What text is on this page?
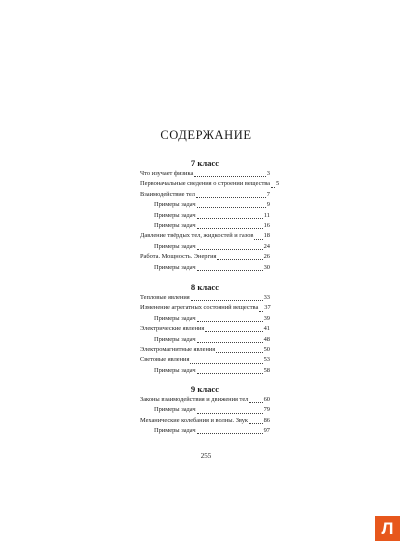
СОДЕРЖАНИЕ
7 класс
Что изучает физика	3
Первоначальные сведения о строении вещества 5
Взаимодействие тел	7
Примеры задач	9
Примеры задач	11
Примеры задач	16
Давление твёрдых тел, жидкостей и газов 18
Примеры задач	24
Работа. Мощность. Энергия	26
Примеры задач	30
8 класс
Тепловые явления	33
Изменение агрегатных состояний вещества 37
Примеры задач	39
Электрические явления	41
Примеры задач	48
Электромагнитные явления	50
Световые явления	53
Примеры задач	58
9 класс
Законы взаимодействия и движения тел 60
Примеры задач	79
Механические колебания и волны. Звук 86
Примеры задач	97
255
Л
